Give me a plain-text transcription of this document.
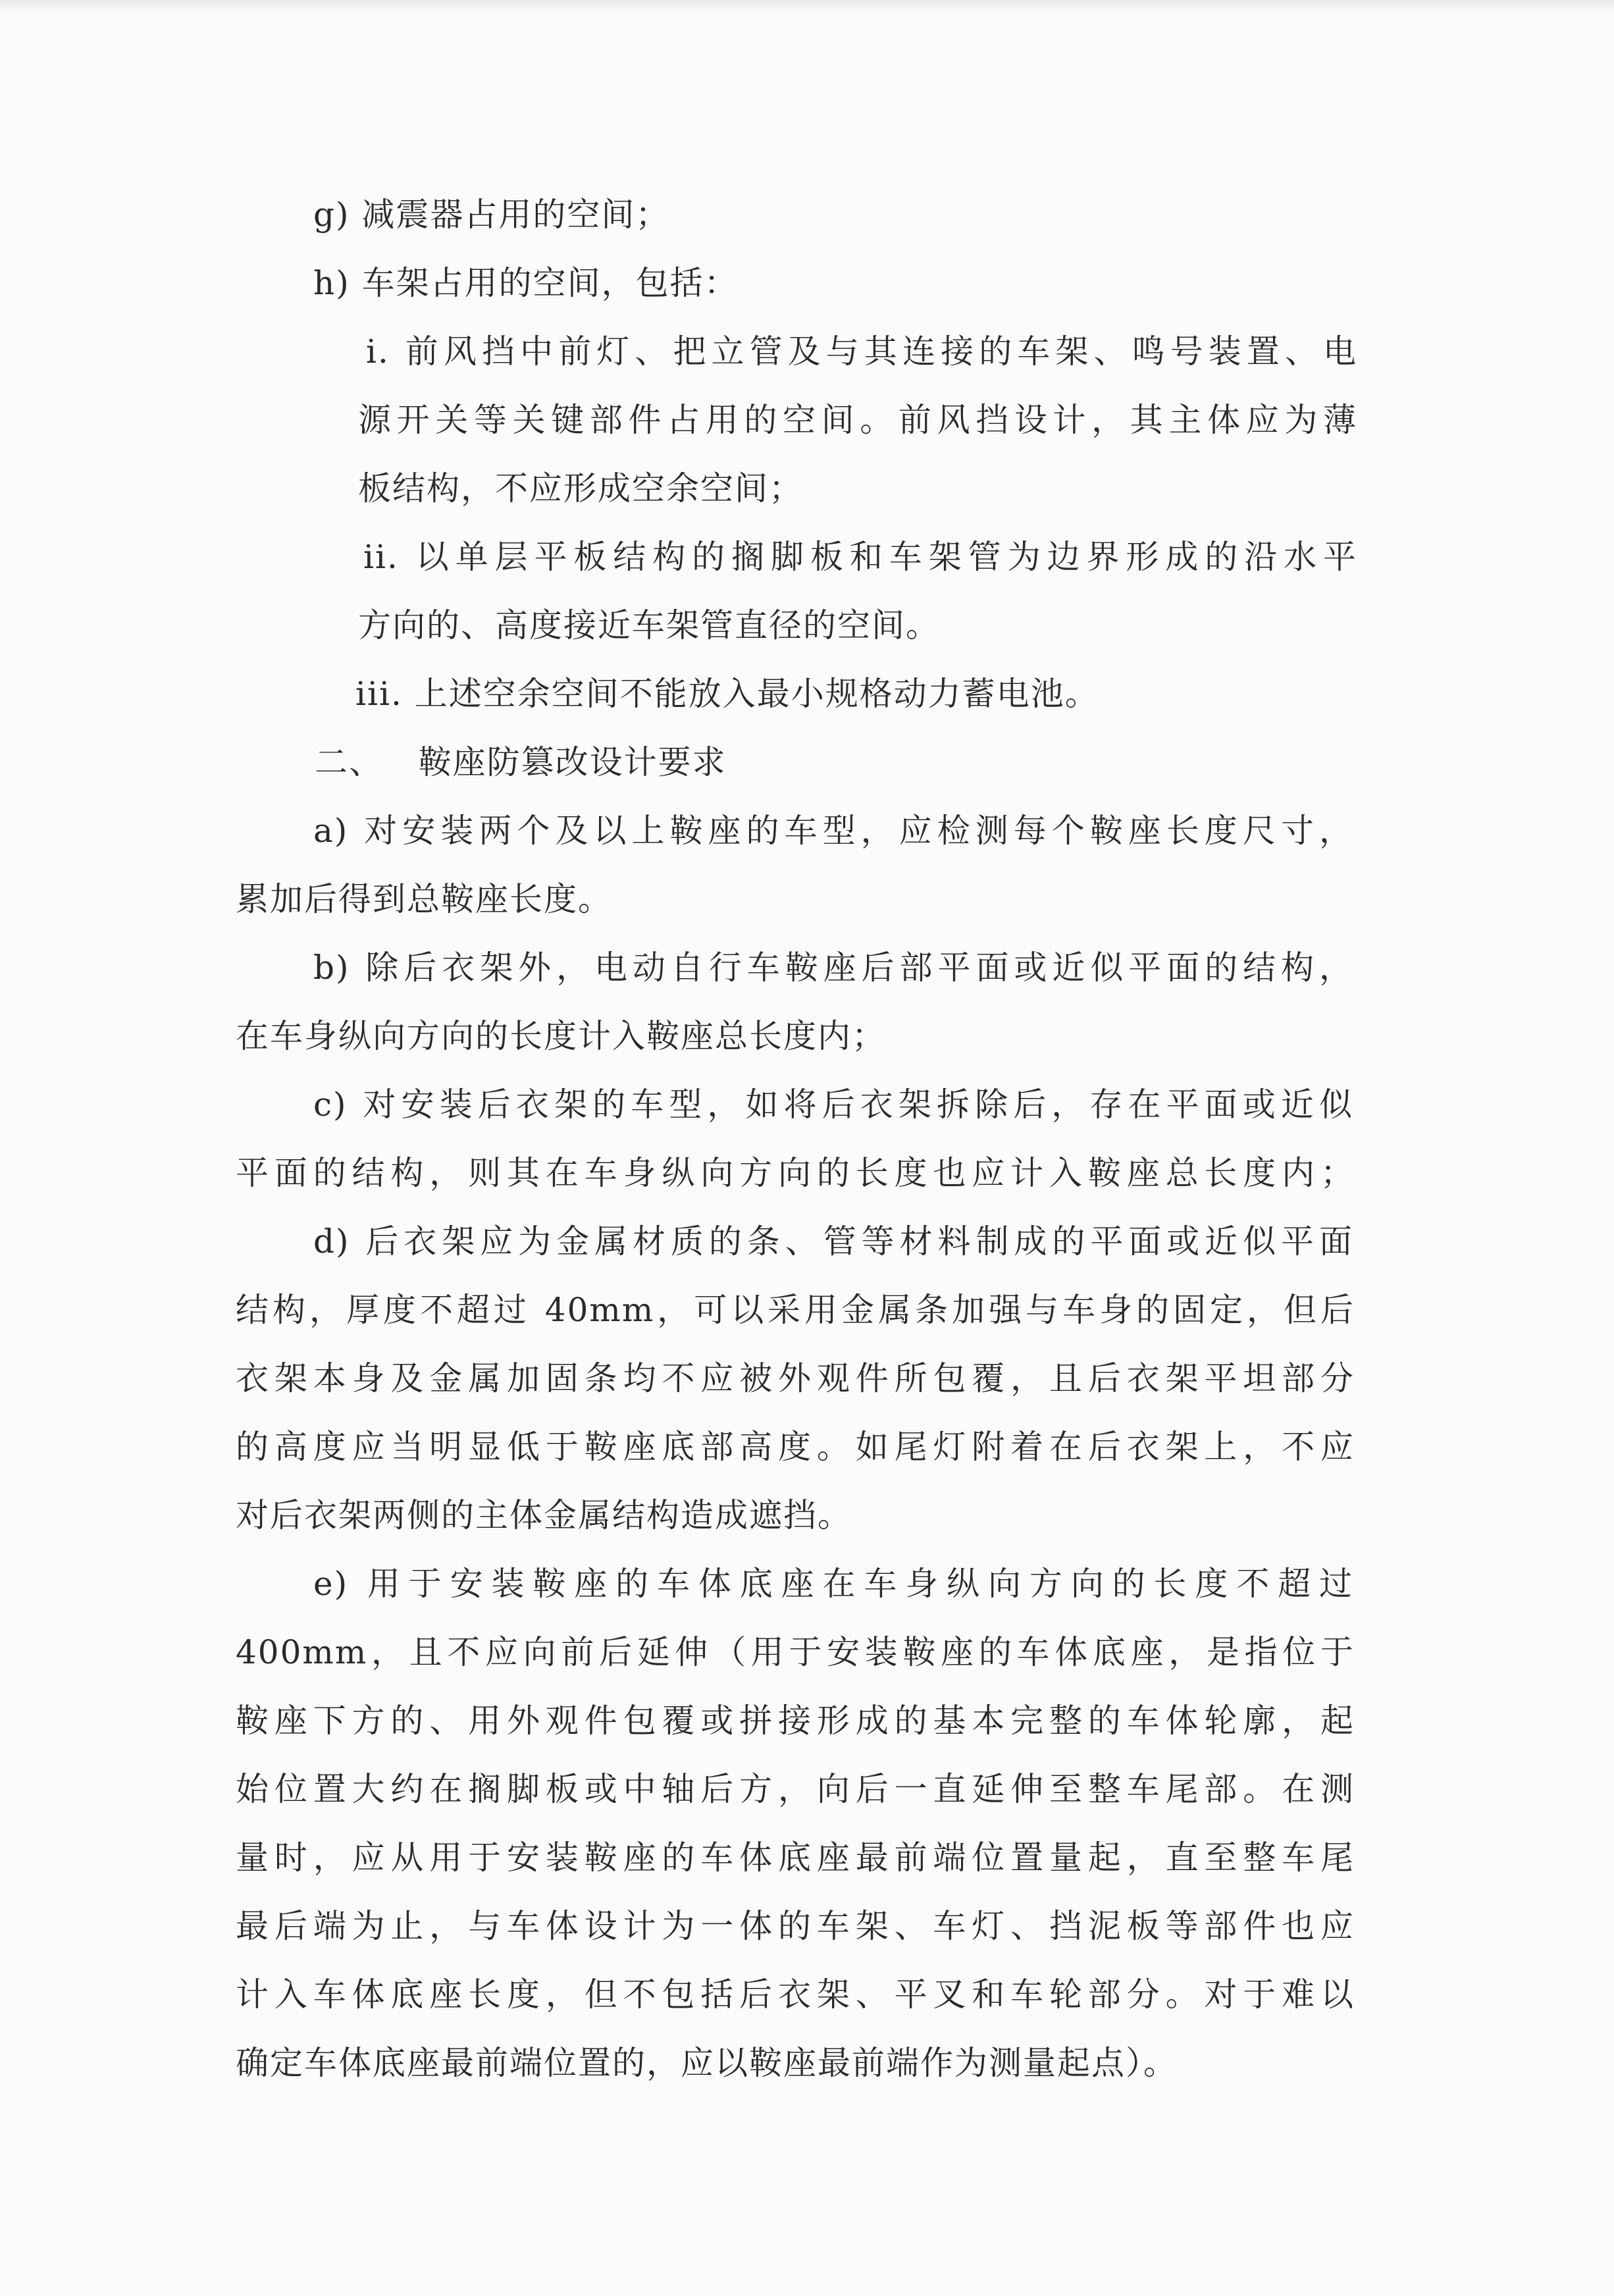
g) 减震器占用的空间；

h) 车架占用的空间，包括：

i. 前风挡中前灯、把立管及与其连接的车架、鸣号装置、电

源开关等关键部件占用的空间。前风挡设计，其主体应为薄

板结构，不应形成空余空间；

ii. 以单层平板结构的搁脚板和车架管为边界形成的沿水平

方向的、高度接近车架管直径的空间。

iii. 上述空余空间不能放入最小规格动力蓄电池。

二、   鞍座防篡改设计要求

a) 对安装两个及以上鞍座的车型，应检测每个鞍座长度尺寸，

累加后得到总鞍座长度。

b) 除后衣架外，电动自行车鞍座后部平面或近似平面的结构，

在车身纵向方向的长度计入鞍座总长度内；

c) 对安装后衣架的车型，如将后衣架拆除后，存在平面或近似

平面的结构，则其在车身纵向方向的长度也应计入鞍座总长度内；

d) 后衣架应为金属材质的条、管等材料制成的平面或近似平面

结构，厚度不超过 40mm，可以采用金属条加强与车身的固定，但后

衣架本身及金属加固条均不应被外观件所包覆，且后衣架平坦部分

的高度应当明显低于鞍座底部高度。如尾灯附着在后衣架上，不应

对后衣架两侧的主体金属结构造成遮挡。

e) 用于安装鞍座的车体底座在车身纵向方向的长度不超过

400mm，且不应向前后延伸（用于安装鞍座的车体底座，是指位于

鞍座下方的、用外观件包覆或拼接形成的基本完整的车体轮廓，起

始位置大约在搁脚板或中轴后方，向后一直延伸至整车尾部。在测

量时，应从用于安装鞍座的车体底座最前端位置量起，直至整车尾

最后端为止，与车体设计为一体的车架、车灯、挡泥板等部件也应

计入车体底座长度，但不包括后衣架、平叉和车轮部分。对于难以

确定车体底座最前端位置的，应以鞍座最前端作为测量起点）。
